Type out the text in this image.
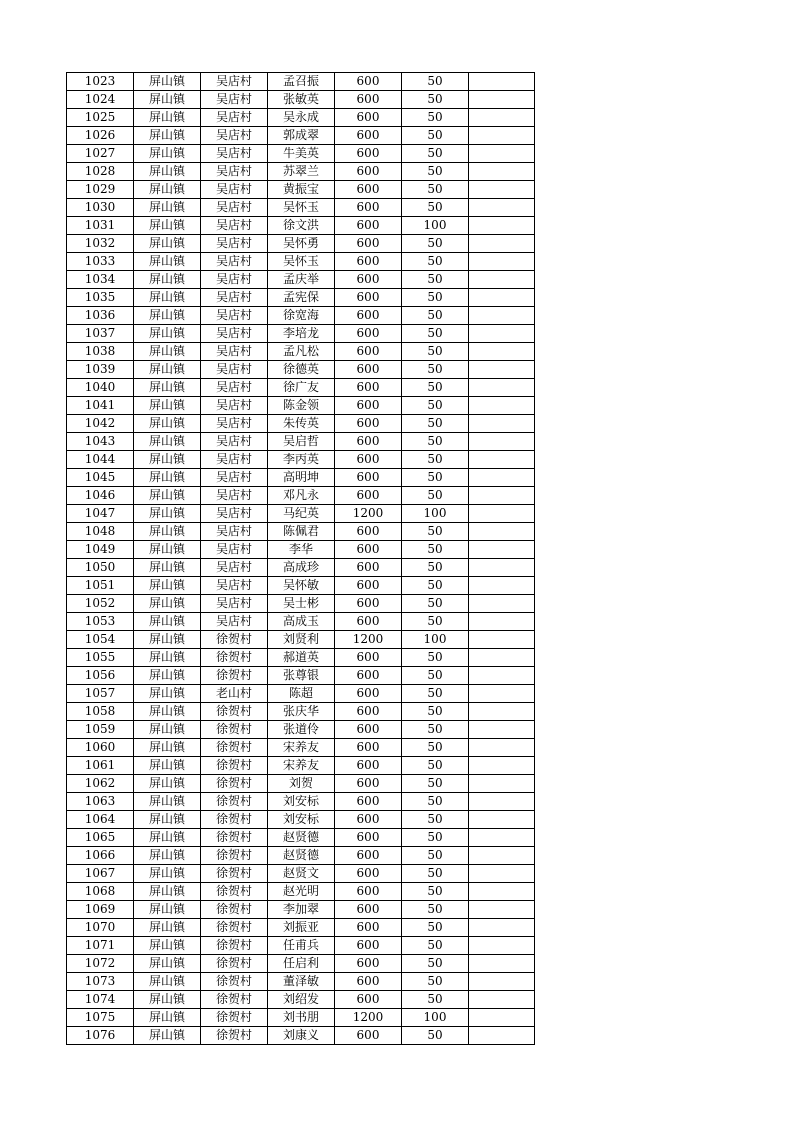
1023	屏山镇	吴店村	孟召振	600	50	
1024	屏山镇	吴店村	张敏英	600	50	
1025	屏山镇	吴店村	吴永成	600	50	
1026	屏山镇	吴店村	郭成翠	600	50	
1027	屏山镇	吴店村	牛美英	600	50	
1028	屏山镇	吴店村	苏翠兰	600	50	
1029	屏山镇	吴店村	黄振宝	600	50	
1030	屏山镇	吴店村	吴怀玉	600	50	
1031	屏山镇	吴店村	徐文洪	600	100	
1032	屏山镇	吴店村	吴怀勇	600	50	
1033	屏山镇	吴店村	吴怀玉	600	50	
1034	屏山镇	吴店村	孟庆举	600	50	
1035	屏山镇	吴店村	孟宪保	600	50	
1036	屏山镇	吴店村	徐宽海	600	50	
1037	屏山镇	吴店村	李培龙	600	50	
1038	屏山镇	吴店村	孟凡松	600	50	
1039	屏山镇	吴店村	徐德英	600	50	
1040	屏山镇	吴店村	徐广友	600	50	
1041	屏山镇	吴店村	陈金领	600	50	
1042	屏山镇	吴店村	朱传英	600	50	
1043	屏山镇	吴店村	吴启哲	600	50	
1044	屏山镇	吴店村	李丙英	600	50	
1045	屏山镇	吴店村	高明坤	600	50	
1046	屏山镇	吴店村	邓凡永	600	50	
1047	屏山镇	吴店村	马纪英	1200	100	
1048	屏山镇	吴店村	陈佩君	600	50	
1049	屏山镇	吴店村	李华	600	50	
1050	屏山镇	吴店村	高成珍	600	50	
1051	屏山镇	吴店村	吴怀敏	600	50	
1052	屏山镇	吴店村	吴士彬	600	50	
1053	屏山镇	吴店村	高成玉	600	50	
1054	屏山镇	徐贺村	刘贤利	1200	100	
1055	屏山镇	徐贺村	郝道英	600	50	
1056	屏山镇	徐贺村	张尊银	600	50	
1057	屏山镇	老山村	陈超	600	50	
1058	屏山镇	徐贺村	张庆华	600	50	
1059	屏山镇	徐贺村	张道伶	600	50	
1060	屏山镇	徐贺村	宋养友	600	50	
1061	屏山镇	徐贺村	宋养友	600	50	
1062	屏山镇	徐贺村	刘贺	600	50	
1063	屏山镇	徐贺村	刘安标	600	50	
1064	屏山镇	徐贺村	刘安标	600	50	
1065	屏山镇	徐贺村	赵贤德	600	50	
1066	屏山镇	徐贺村	赵贤德	600	50	
1067	屏山镇	徐贺村	赵贤文	600	50	
1068	屏山镇	徐贺村	赵光明	600	50	
1069	屏山镇	徐贺村	李加翠	600	50	
1070	屏山镇	徐贺村	刘振亚	600	50	
1071	屏山镇	徐贺村	任甫兵	600	50	
1072	屏山镇	徐贺村	任启利	600	50	
1073	屏山镇	徐贺村	董泽敏	600	50	
1074	屏山镇	徐贺村	刘绍发	600	50	
1075	屏山镇	徐贺村	刘书朋	1200	100	
1076	屏山镇	徐贺村	刘康义	600	50	
